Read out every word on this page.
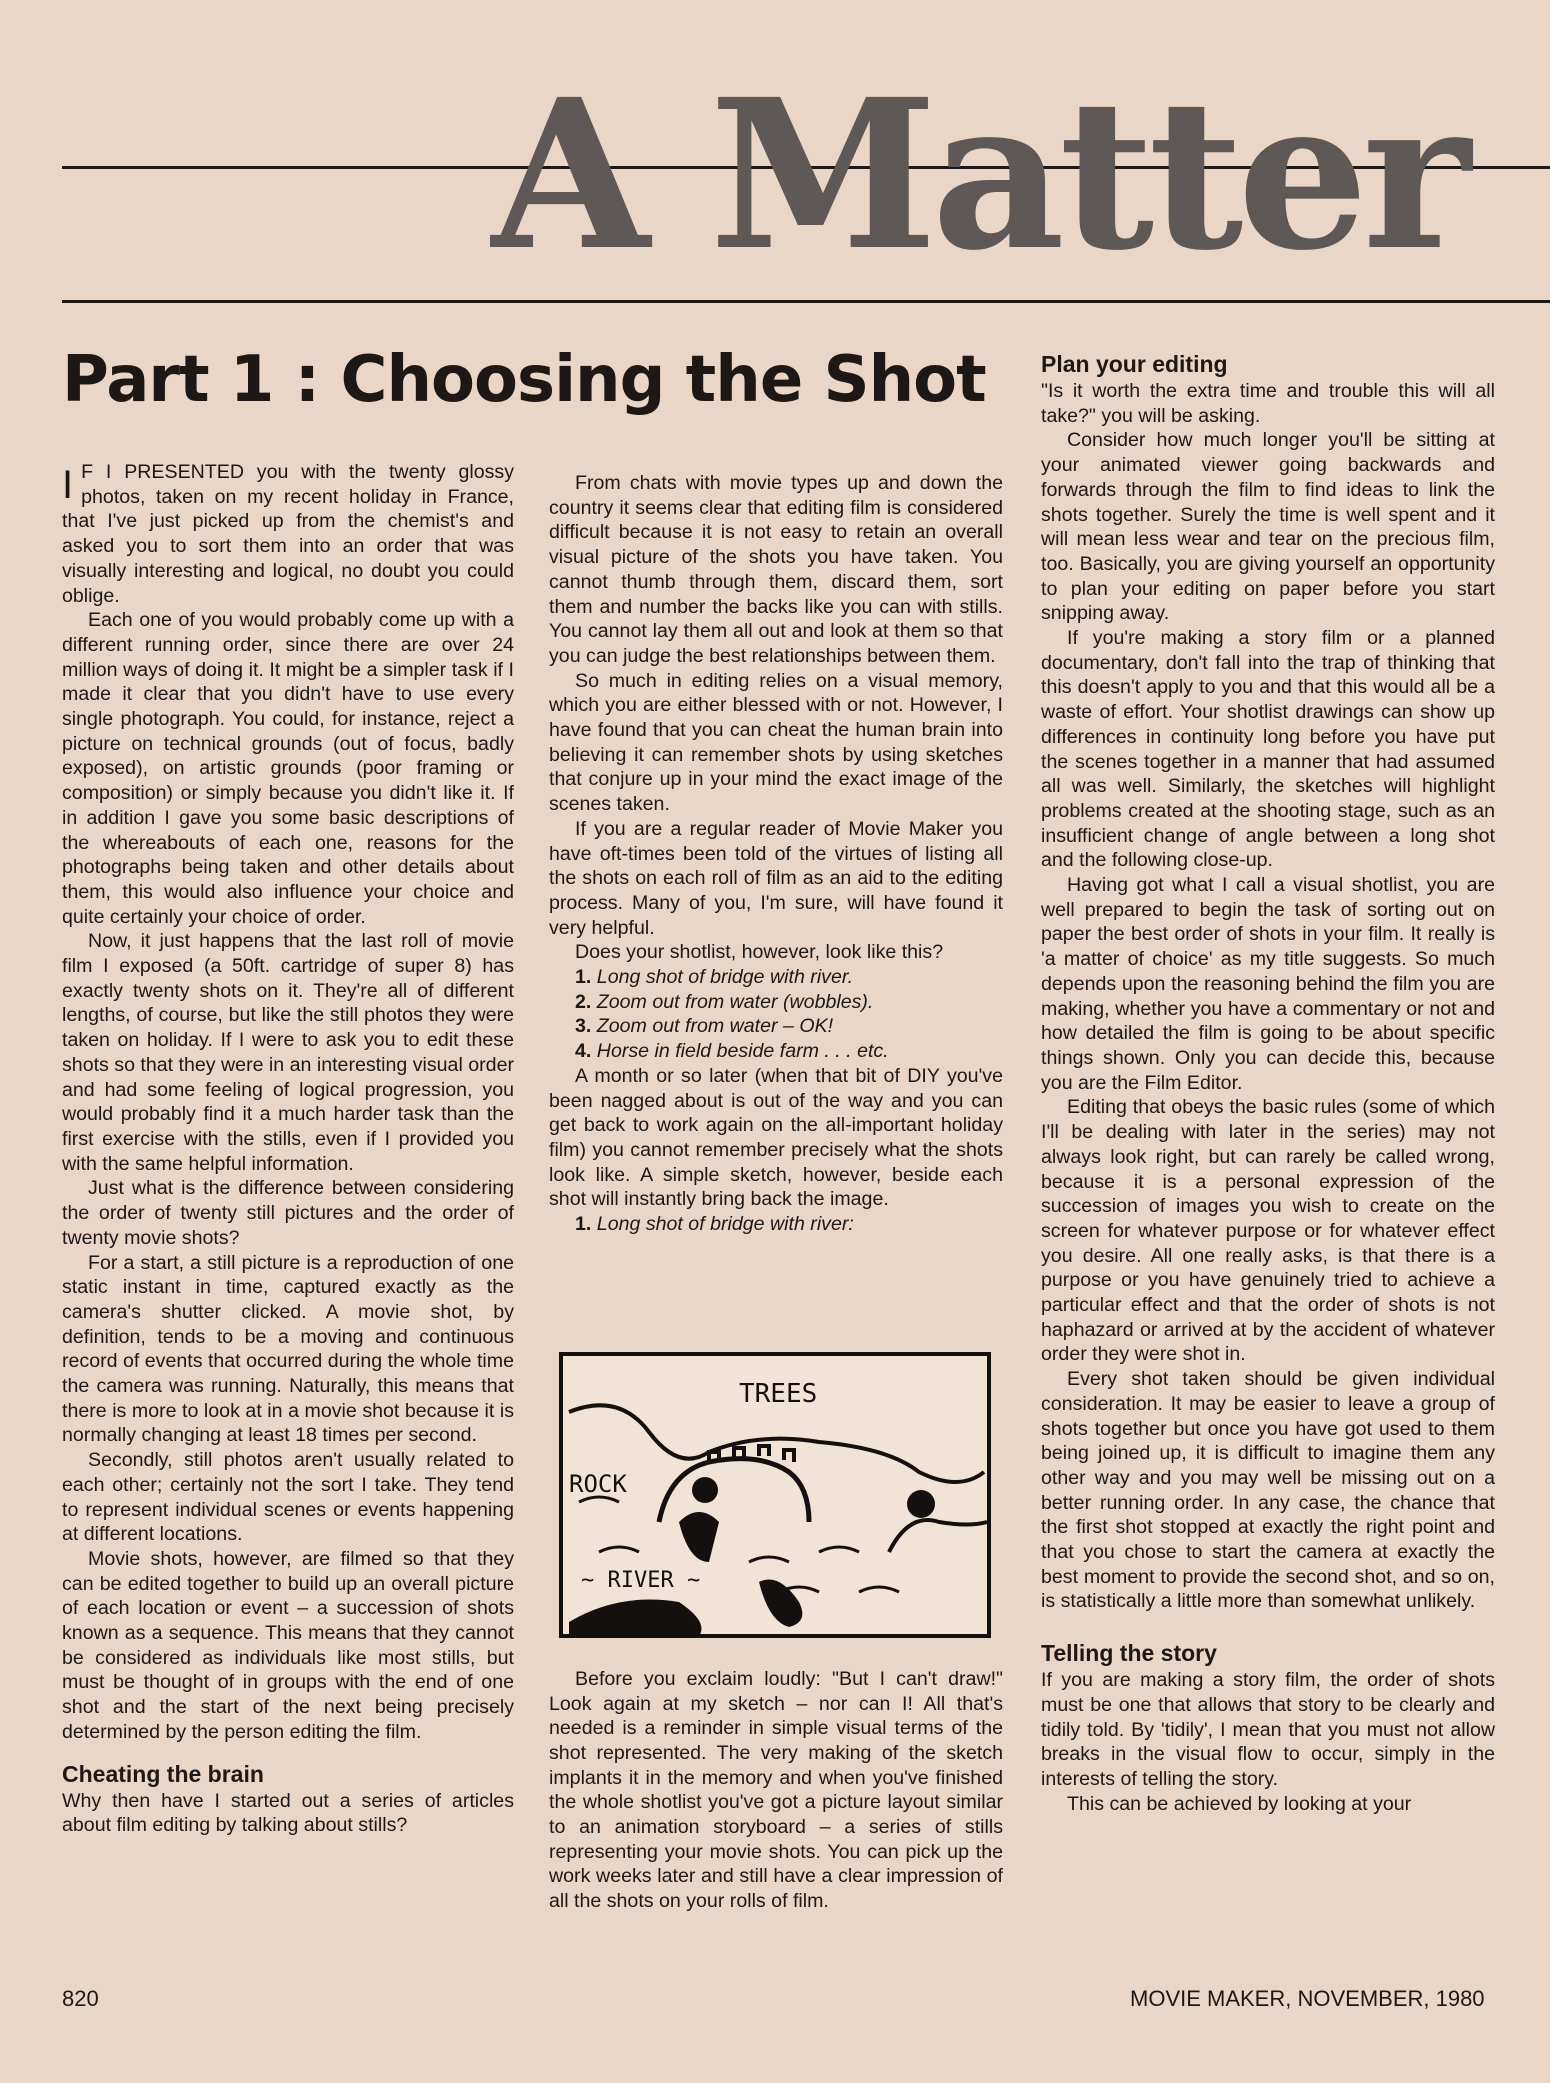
A Matter
Part 1 : Choosing the Shot

I F I PRESENTED you with the twenty glossy photos, taken on my recent holiday in France, that I've just picked up from the chemist's and asked you to sort them into an order that was visually interesting and logical, no doubt you could oblige.

Each one of you would probably come up with a different running order, since there are over 24 million ways of doing it. It might be a simpler task if I made it clear that you didn't have to use every single photograph. You could, for instance, reject a picture on technical grounds (out of focus, badly exposed), on artistic grounds (poor framing or composition) or simply because you didn't like it. If in addition I gave you some basic descriptions of the whereabouts of each one, reasons for the photographs being taken and other details about them, this would also influence your choice and quite certainly your choice of order.

Now, it just happens that the last roll of movie film I exposed (a 50ft. cartridge of super 8) has exactly twenty shots on it. They're all of different lengths, of course, but like the still photos they were taken on holiday. If I were to ask you to edit these shots so that they were in an interesting visual order and had some feeling of logical progression, you would probably find it a much harder task than the first exercise with the stills, even if I provided you with the same helpful information.

Just what is the difference between considering the order of twenty still pictures and the order of twenty movie shots?

For a start, a still picture is a reproduction of one static instant in time, captured exactly as the camera's shutter clicked. A movie shot, by definition, tends to be a moving and continuous record of events that occurred during the whole time the camera was running. Naturally, this means that there is more to look at in a movie shot because it is normally changing at least 18 times per second.

Secondly, still photos aren't usually related to each other; certainly not the sort I take. They tend to represent individual scenes or events happening at different locations.

Movie shots, however, are filmed so that they can be edited together to build up an overall picture of each location or event – a succession of shots known as a sequence. This means that they cannot be considered as individuals like most stills, but must be thought of in groups with the end of one shot and the start of the next being precisely determined by the person editing the film.

Cheating the brain

Why then have I started out a series of articles about film editing by talking about stills?

From chats with movie types up and down the country it seems clear that editing film is considered difficult because it is not easy to retain an overall visual picture of the shots you have taken. You cannot thumb through them, discard them, sort them and number the backs like you can with stills. You cannot lay them all out and look at them so that you can judge the best relationships between them.

So much in editing relies on a visual memory, which you are either blessed with or not. However, I have found that you can cheat the human brain into believing it can remember shots by using sketches that conjure up in your mind the exact image of the scenes taken.

If you are a regular reader of Movie Maker you have oft-times been told of the virtues of listing all the shots on each roll of film as an aid to the editing process. Many of you, I'm sure, will have found it very helpful.

Does your shotlist, however, look like this?

1. Long shot of bridge with river.
2. Zoom out from water (wobbles).
3. Zoom out from water – OK!
4. Horse in field beside farm . . . etc.

A month or so later (when that bit of DIY you've been nagged about is out of the way and you can get back to work again on the all-important holiday film) you cannot remember precisely what the shots look like. A simple sketch, however, beside each shot will instantly bring back the image.

1. Long shot of bridge with river:

Before you exclaim loudly: "But I can't draw!" Look again at my sketch – nor can I! All that's needed is a reminder in simple visual terms of the shot represented. The very making of the sketch implants it in the memory and when you've finished the whole shotlist you've got a picture layout similar to an animation storyboard – a series of stills representing your movie shots. You can pick up the work weeks later and still have a clear impression of all the shots on your rolls of film.

TREES
ROCK
~ RIVER ~
Plan your editing

"Is it worth the extra time and trouble this will all take?" you will be asking.

Consider how much longer you'll be sitting at your animated viewer going backwards and forwards through the film to find ideas to link the shots together. Surely the time is well spent and it will mean less wear and tear on the precious film, too. Basically, you are giving yourself an opportunity to plan your editing on paper before you start snipping away.

If you're making a story film or a planned documentary, don't fall into the trap of thinking that this doesn't apply to you and that this would all be a waste of effort. Your shotlist drawings can show up differences in continuity long before you have put the scenes together in a manner that had assumed all was well. Similarly, the sketches will highlight problems created at the shooting stage, such as an insufficient change of angle between a long shot and the following close-up.

Having got what I call a visual shotlist, you are well prepared to begin the task of sorting out on paper the best order of shots in your film. It really is 'a matter of choice' as my title suggests. So much depends upon the reasoning behind the film you are making, whether you have a commentary or not and how detailed the film is going to be about specific things shown. Only you can decide this, because you are the Film Editor.

Editing that obeys the basic rules (some of which I'll be dealing with later in the series) may not always look right, but can rarely be called wrong, because it is a personal expression of the succession of images you wish to create on the screen for whatever purpose or for whatever effect you desire. All one really asks, is that there is a purpose or you have genuinely tried to achieve a particular effect and that the order of shots is not haphazard or arrived at by the accident of whatever order they were shot in.

Every shot taken should be given individual consideration. It may be easier to leave a group of shots together but once you have got used to them being joined up, it is difficult to imagine them any other way and you may well be missing out on a better running order. In any case, the chance that the first shot stopped at exactly the right point and that you chose to start the camera at exactly the best moment to provide the second shot, and so on, is statistically a little more than somewhat unlikely.

Telling the story

If you are making a story film, the order of shots must be one that allows that story to be clearly and tidily told. By 'tidily', I mean that you must not allow breaks in the visual flow to occur, simply in the interests of telling the story.

This can be achieved by looking at your

820	MOVIE MAKER, NOVEMBER, 1980
